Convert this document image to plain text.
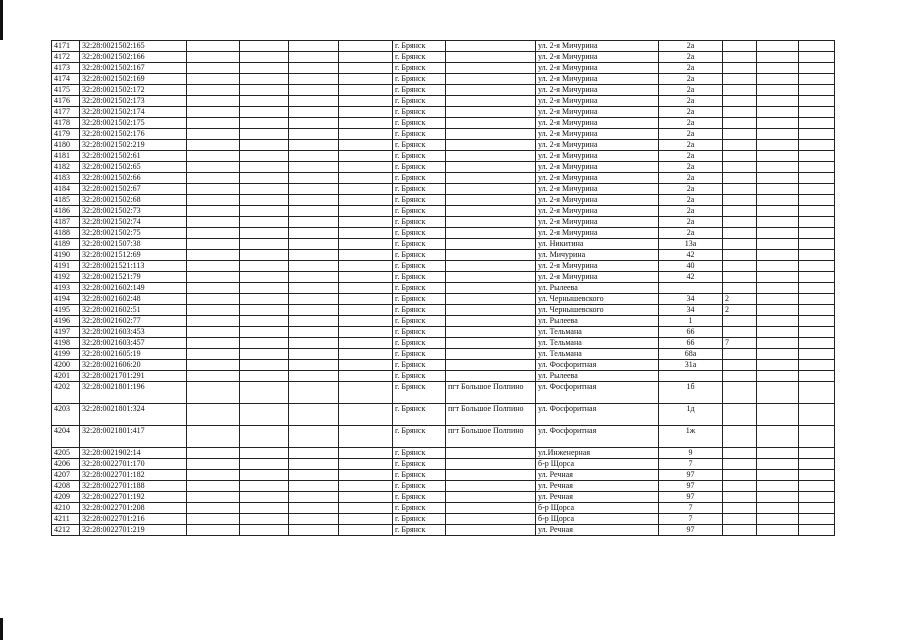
4171	32:28:0021502:165					г. Брянск		ул. 2-я Мичурина	2а			
4172	32:28:0021502:166					г. Брянск		ул. 2-я Мичурина	2а			
4173	32:28:0021502:167					г. Брянск		ул. 2-я Мичурина	2а			
4174	32:28:0021502:169					г. Брянск		ул. 2-я Мичурина	2а			
4175	32:28:0021502:172					г. Брянск		ул. 2-я Мичурина	2а			
4176	32:28:0021502:173					г. Брянск		ул. 2-я Мичурина	2а			
4177	32:28:0021502:174					г. Брянск		ул. 2-я Мичурина	2а			
4178	32:28:0021502:175					г. Брянск		ул. 2-я Мичурина	2а			
4179	32:28:0021502:176					г. Брянск		ул. 2-я Мичурина	2а			
4180	32:28:0021502:219					г. Брянск		ул. 2-я Мичурина	2а			
4181	32:28:0021502:61					г. Брянск		ул. 2-я Мичурина	2а			
4182	32:28:0021502:65					г. Брянск		ул. 2-я Мичурина	2а			
4183	32:28:0021502:66					г. Брянск		ул. 2-я Мичурина	2а			
4184	32:28:0021502:67					г. Брянск		ул. 2-я Мичурина	2а			
4185	32:28:0021502:68					г. Брянск		ул. 2-я Мичурина	2а			
4186	32:28:0021502:73					г. Брянск		ул. 2-я Мичурина	2а			
4187	32:28:0021502:74					г. Брянск		ул. 2-я Мичурина	2а			
4188	32:28:0021502:75					г. Брянск		ул. 2-я Мичурина	2а			
4189	32:28:0021507:38					г. Брянск		ул. Никитина	13а			
4190	32:28:0021512:69					г. Брянск		ул. Мичурина	42			
4191	32:28:0021521:113					г. Брянск		ул. 2-я Мичурина	40			
4192	32:28:0021521:79					г. Брянск		ул. 2-я Мичурина	42			
4193	32:28:0021602:149					г. Брянск		ул. Рылеева				
4194	32:28:0021602:48					г. Брянск		ул. Чернышевского	34	2		
4195	32:28:0021602:51					г. Брянск		ул. Чернышевского	34	2		
4196	32:28:0021602:77					г. Брянск		ул. Рылеева	1			
4197	32:28:0021603:453					г. Брянск		ул. Тельмана	66			
4198	32:28:0021603:457					г. Брянск		ул. Тельмана	66	7		
4199	32:28:0021605:19					г. Брянск		ул. Тельмана	68а			
4200	32:28:0021606:20					г. Брянск		ул. Фосфоритная	31а			
4201	32:28:0021701:291					г. Брянск		ул. Рылеева				
4202	32:28:0021801:196					г. Брянск	пгт Большое Полпино	ул. Фосфоритная	1б			
4203	32:28:0021801:324					г. Брянск	пгт Большое Полпино	ул. Фосфоритная	1д			
4204	32:28:0021801:417					г. Брянск	пгт Большое Полпино	ул. Фосфоритная	1ж			
4205	32:28:0021902:14					г. Брянск		ул.Инженерная	9			
4206	32:28:0022701:170					г. Брянск		б-р Щорса	7			
4207	32:28:0022701:182					г. Брянск		ул. Речная	97			
4208	32:28:0022701:188					г. Брянск		ул. Речная	97			
4209	32:28:0022701:192					г. Брянск		ул. Речная	97			
4210	32:28:0022701:208					г. Брянск		б-р Щорса	7			
4211	32:28:0022701:216					г. Брянск		б-р Щорса	7			
4212	32:28:0022701:219					г. Брянск		ул. Речная	97			
